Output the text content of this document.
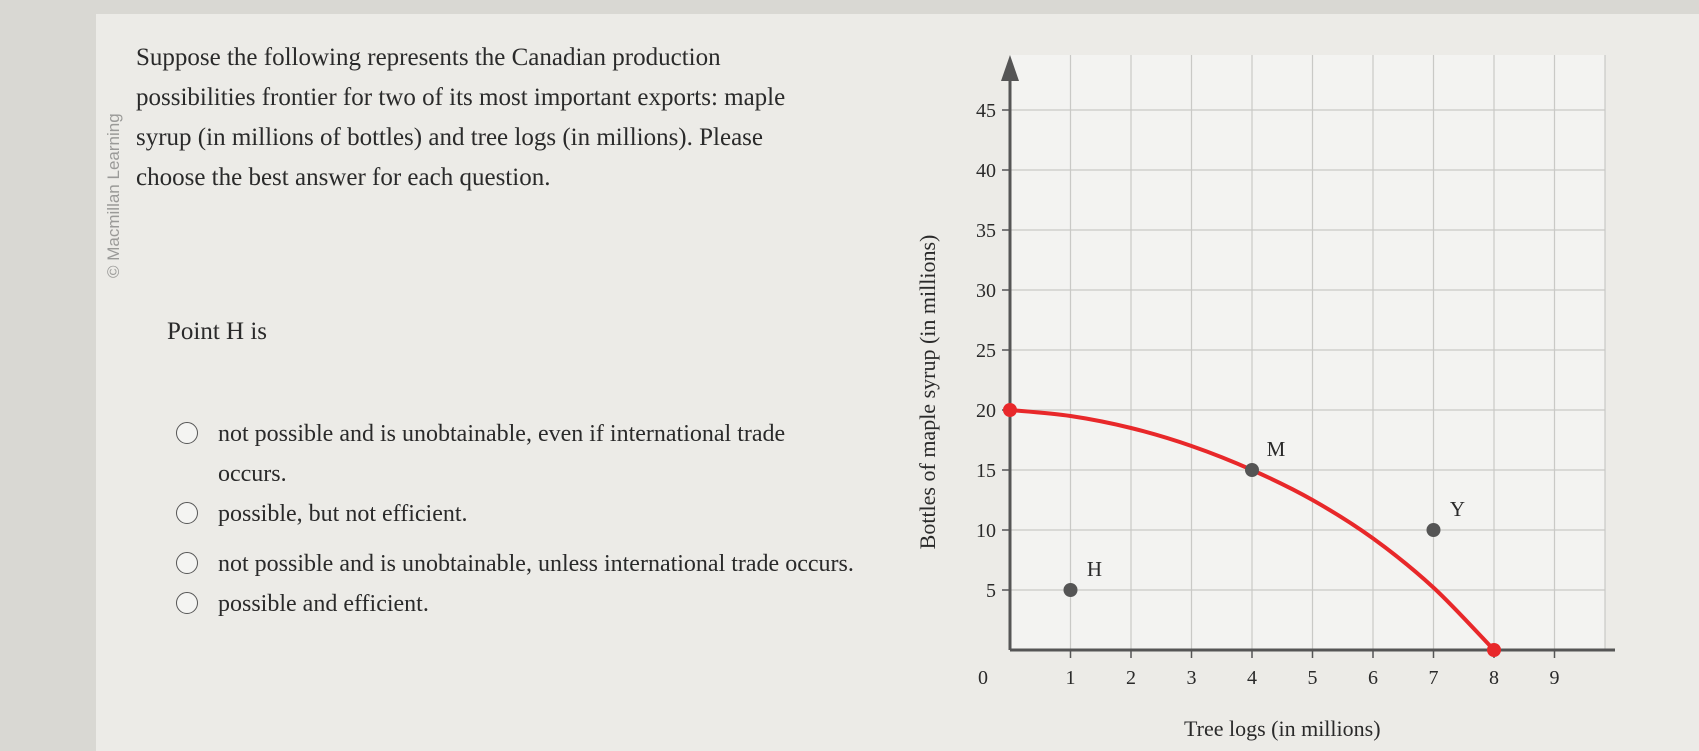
© Macmillan Learning
Suppose the following represents the Canadian production possibilities frontier for two of its most important exports: maple syrup (in millions of bottles) and tree logs (in millions). Please choose the best answer for each question.
Point H is
not possible and is unobtainable, even if international trade occurs.
possible, but not efficient.
not possible and is unobtainable, unless international trade occurs.
possible and efficient.
1	2	3	4	5	6	7	8	9
5
10
15
20
25
30
35
40
45
0
Tree logs (in millions)
Bottles of maple syrup (in millions)
H
M
Y
